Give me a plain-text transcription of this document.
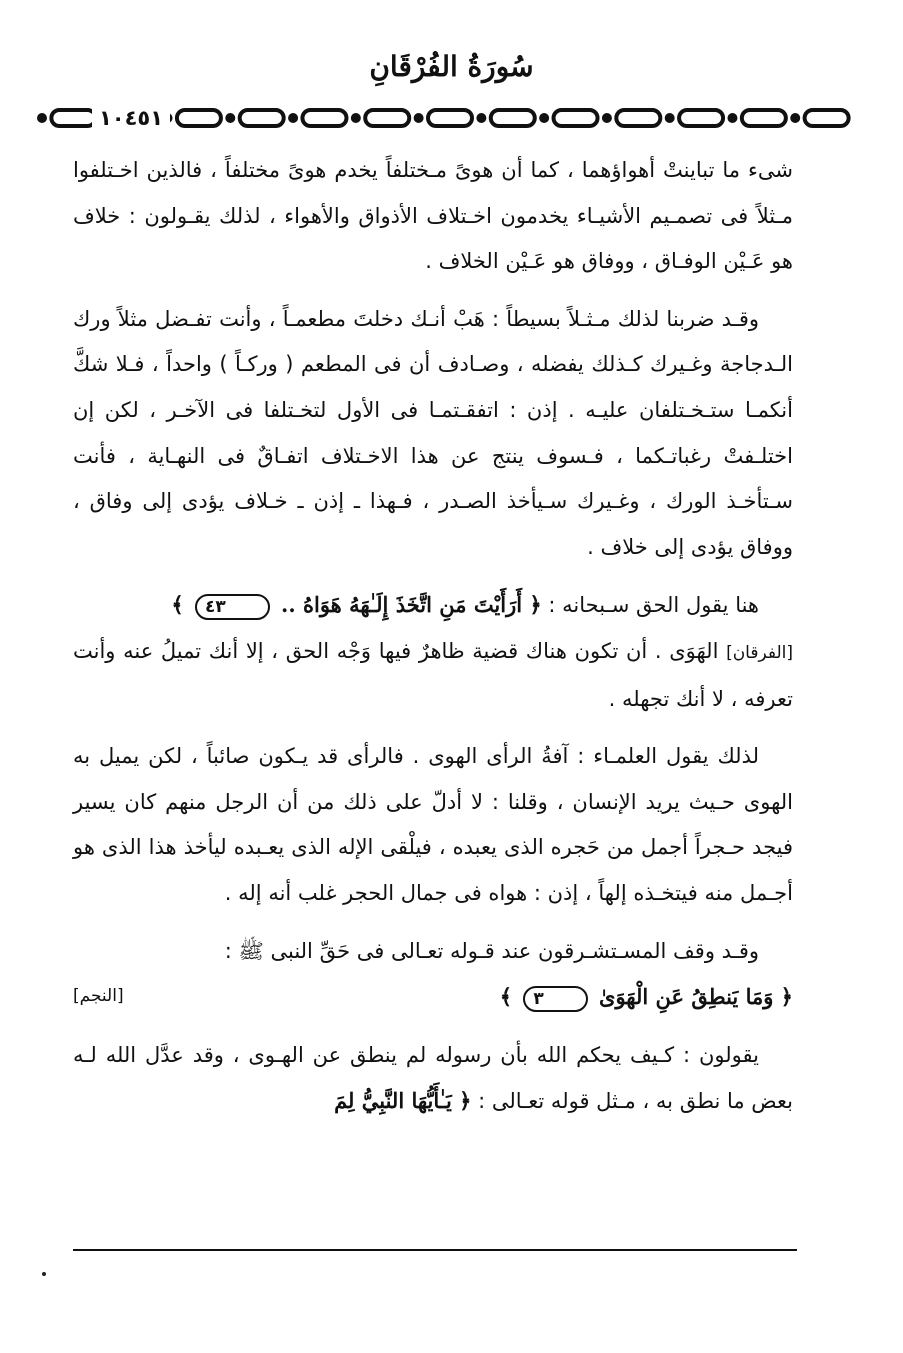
سُورَةُ الفُرْقَانِ
١٠٤٥١

شىء ما تباينتْ أهواؤهما ، كما أن هوىً مـختلفاً يخدم هوىً مختلفاً ، فالذين اخـتلفوا مـثلاً فى تصمـيم الأشيـاء يخدمون اخـتلاف الأذواق والأهواء ، لذلك يقـولون : خلاف هو عَـيْن الوفـاق ، ووفاق هو عَـيْن الخلاف .

وقـد ضربنا لذلك مـثـلاً بسيطاً : هَبْ أنـك دخلتَ مطعمـاً ، وأنت تفـضل مثلاً ورك الـدجاجة وغـيرك كـذلك يفضله ، وصـادف أن فى المطعم ( وركـاً ) واحداً ، فـلا شكَّ أنكمـا ستـخـتلفان عليـه . إذن : اتفقـتمـا فى الأول لتخـتلفا فى الآخـر ، لكن إن اختلـفتْ رغباتـكما ، فـسوف ينتج عن هذا الاخـتلاف اتفـاقٌ فى النهـاية ، فأنت سـتأخـذ الورك ، وغـيرك سـيأخذ الصـدر ، فـهذا ـ إذن ـ خـلاف يؤدى إلى وفاق ، ووفاق يؤدى إلى خلاف .

هنا يقول الحق سـبحانه : ﴿ أَرَأَيْتَ مَنِ اتَّخَذَ إِلَـٰهَهُ هَوَاهُ .. ٤٣ ﴾
[الفرقان] الهَوَى . أن تكون هناك قضية ظاهرٌ فيها وَجْه الحق ، إلا أنك تميلُ عنه وأنت تعرفه ، لا أنك تجهله .

لذلك يقول العلمـاء : آفةُ الرأى الهوى . فالرأى قد يـكون صائباً ، لكن يميل به الهوى حـيث يريد الإنسان ، وقلنا : لا أدلّ على ذلك من أن الرجل منهم كان يسير فيجد حـجراً أجمل من حَجره الذى يعبده ، فيلْقى الإله الذى يعـبده ليأخذ هذا الذى هو أجـمل منه فيتخـذه إلهاً ، إذن : هواه فى جمال الحجر غلب أنه إله .

وقـد وقف المسـتشـرقون عند قـوله تعـالى فى حَقِّ النبى ﷺ :
﴿ وَمَا يَنطِقُ عَنِ الْهَوَىٰ ٣ ﴾
[النجم]

يقولون : كـيف يحكم الله بأن رسوله لم ينطق عن الهـوى ، وقد عدَّل الله لـه بعض ما نطق به ، مـثل قوله تعـالى : ﴿ يَـٰأَيُّهَا النَّبِيُّ لِمَ
